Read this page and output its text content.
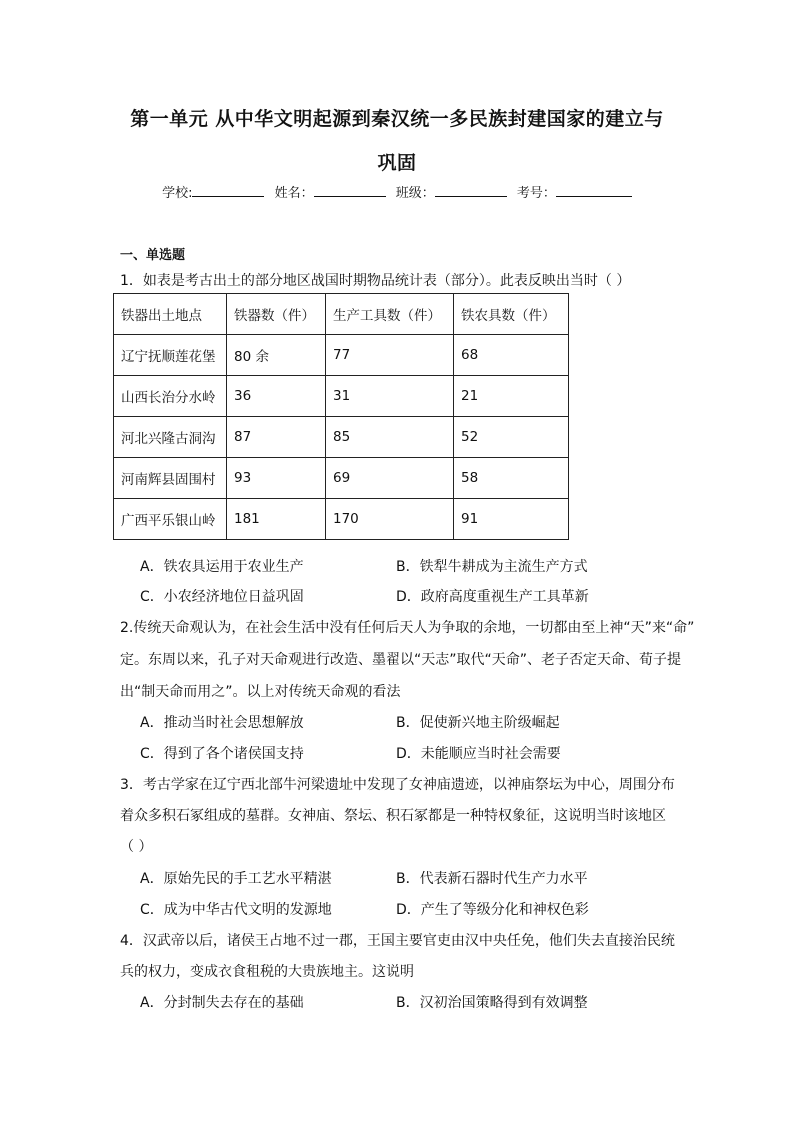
第一单元 从中华文明起源到秦汉统一多民族封建国家的建立与
巩固
学校:	姓名：	班级：	考号：
一、单选题
1．如表是考古出土的部分地区战国时期物品统计表（部分）。此表反映出当时（ ）
铁器出土地点	铁器数（件）	生产工具数（件）	铁农具数（件）
辽宁抚顺莲花堡	80 余	77	68
山西长治分水岭	36	31	21
河北兴隆古洞沟	87	85	52
河南辉县固围村	93	69	58
广西平乐银山岭	181	170	91
A．铁农具运用于农业生产	B．铁犁牛耕成为主流生产方式
C．小农经济地位日益巩固	D．政府高度重视生产工具革新
2.传统天命观认为，在社会生活中没有任何后天人为争取的余地，一切都由至上神“天”来“命”
定。东周以来，孔子对天命观进行改造、墨翟以“天志”取代“天命”、老子否定天命、荀子提
出“制天命而用之”。以上对传统天命观的看法
A．推动当时社会思想解放	B．促使新兴地主阶级崛起
C．得到了各个诸侯国支持	D．未能顺应当时社会需要
3．考古学家在辽宁西北部牛河梁遗址中发现了女神庙遗迹，以神庙祭坛为中心，周围分布
着众多积石冢组成的墓群。女神庙、祭坛、积石冢都是一种特权象征，这说明当时该地区
（ ）
A．原始先民的手工艺水平精湛	B．代表新石器时代生产力水平
C．成为中华古代文明的发源地	D．产生了等级分化和神权色彩
4．汉武帝以后，诸侯王占地不过一郡，王国主要官吏由汉中央任免，他们失去直接治民统
兵的权力，变成衣食租税的大贵族地主。这说明
A．分封制失去存在的基础	B．汉初治国策略得到有效调整
